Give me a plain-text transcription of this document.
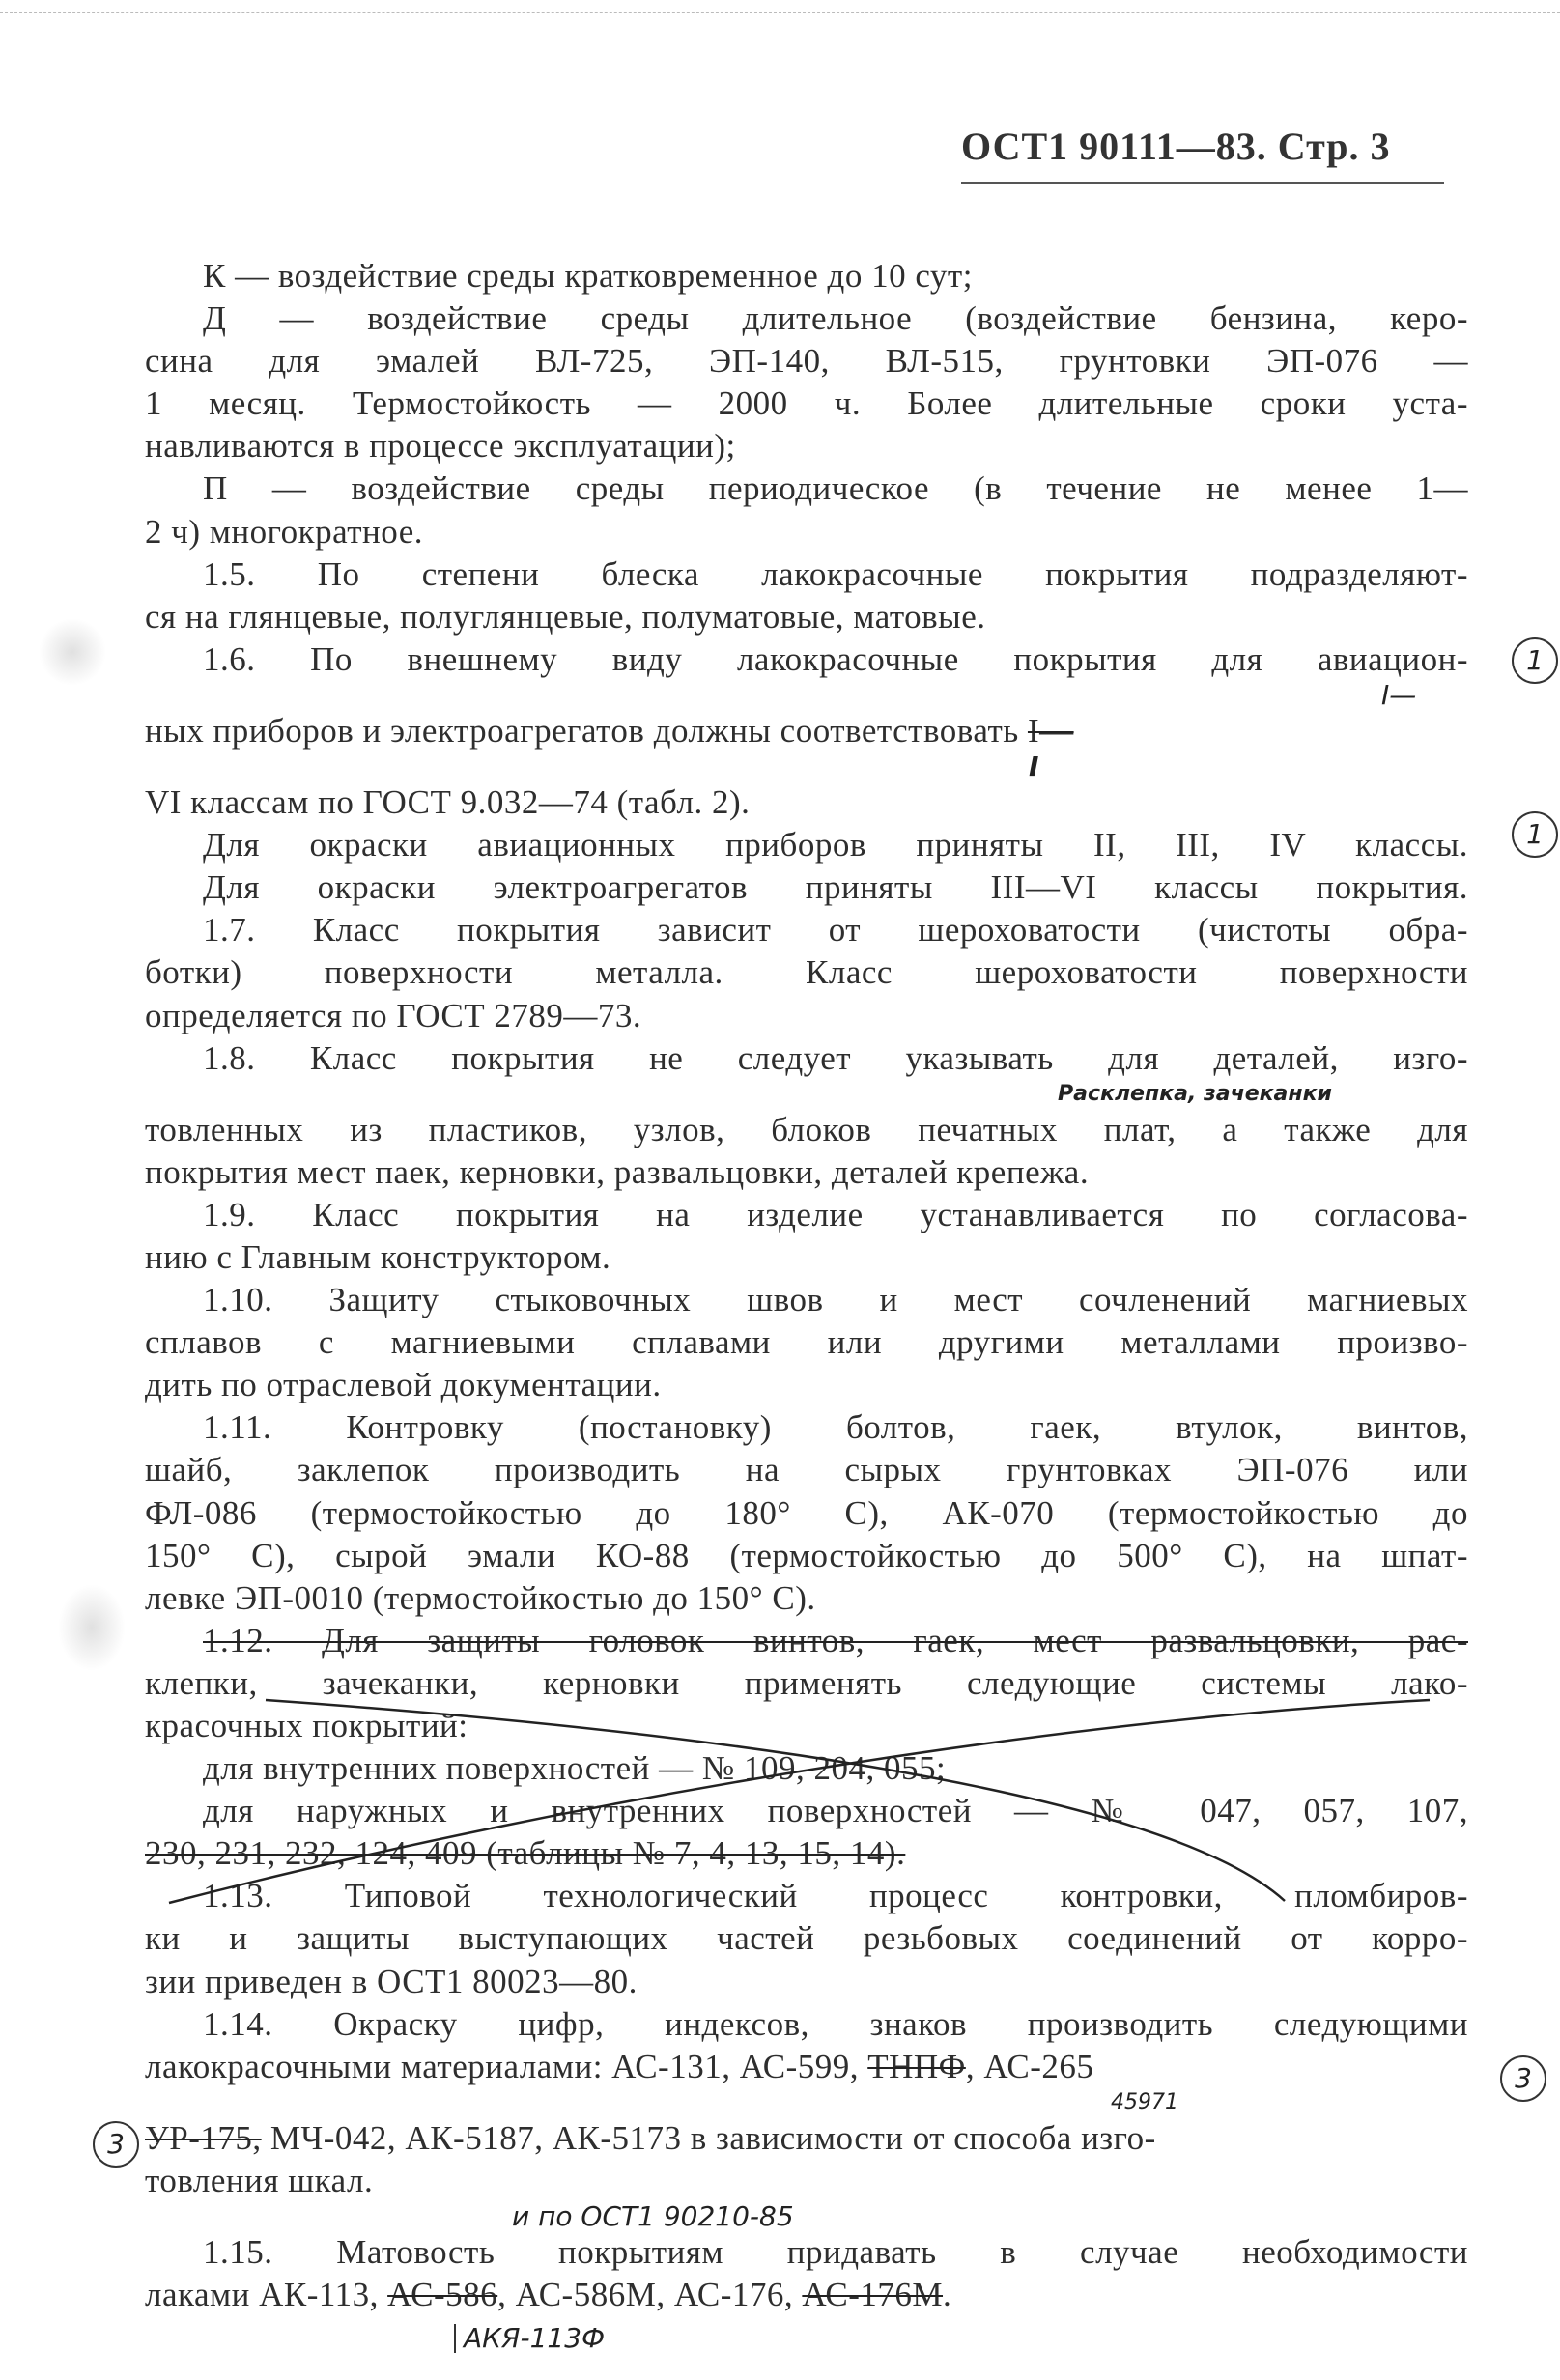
ОСТ1 90111—83. Стр. 3
К — воздействие среды кратковременное до 10 сут;
Д — воздействие среды длительное (воздействие бензина, керо-
сина для эмалей ВЛ-725, ЭП-140, ВЛ-515, грунтовки ЭП-076 —
1 месяц. Термостойкость — 2000 ч. Более длительные сроки уста-
навливаются в процессе эксплуатации);
П — воздействие среды периодическое (в течение не менее 1—
2 ч) многократное.
1.5. По степени блеска лакокрасочные покрытия подразделяют-
ся на глянцевые, полуглянцевые, полуматовые, матовые.
1.6. По внешнему виду лакокрасочные покрытия для авиацион-
I—
ных приборов и электроагрегатов должны соответствовать I—
I
VI классам по ГОСТ 9.032—74 (табл. 2).
Для окраски авиационных приборов приняты II, III, IV классы.
Для окраски электроагрегатов приняты III—VI классы покрытия.
1.7. Класс покрытия зависит от шероховатости (чистоты обра-
ботки) поверхности металла. Класс шероховатости поверхности
определяется по ГОСТ 2789—73.
1.8. Класс покрытия не следует указывать для деталей, изго-
Расклепка, зачеканки
товленных из пластиков, узлов, блоков печатных плат, а также для
покрытия мест паек, керновки, развальцовки, деталей крепежа.
1.9. Класс покрытия на изделие устанавливается по согласова-
нию с Главным конструктором.
1.10. Защиту стыковочных швов и мест сочленений магниевых
сплавов с магниевыми сплавами или другими металлами произво-
дить по отраслевой документации.
1.11. Контровку (постановку) болтов, гаек, втулок, винтов,
шайб, заклепок производить на сырых грунтовках ЭП-076 или
ФЛ-086 (термостойкостью до 180° С), АК-070 (термостойкостью до
150° С), сырой эмали КО-88 (термостойкостью до 500° С), на шпат-
левке ЭП-0010 (термостойкостью до 150° С).
1.12. Для защиты головок винтов, гаек, мест развальцовки, рас-
клепки, зачеканки, керновки применять следующие системы лако-
красочных покрытий:
для внутренних поверхностей — № 109, 204, 055;
для наружных и внутренних поверхностей — № 047, 057, 107,
230, 231, 232, 124, 409 (таблицы № 7, 4, 13, 15, 14).
1.13. Типовой технологический процесс контровки, пломбиров-
ки и защиты выступающих частей резьбовых соединений от корро-
зии приведен в ОСТ1 80023—80.
1.14. Окраску цифр, индексов, знаков производить следующими
лакокрасочными материалами: АС-131, АС-599, ТНПФ, АС-265
45971
УР-175, МЧ-042, АК-5187, АК-5173 в зависимости от способа изго-
товления шкал.
и по ОСТ1 90210-85
1.15. Матовость покрытиям придавать в случае необходимости
лаками АК-113, АС-586, АС-586М, АС-176, АС-176М.
АКЯ-113Ф
1
1
3
3
